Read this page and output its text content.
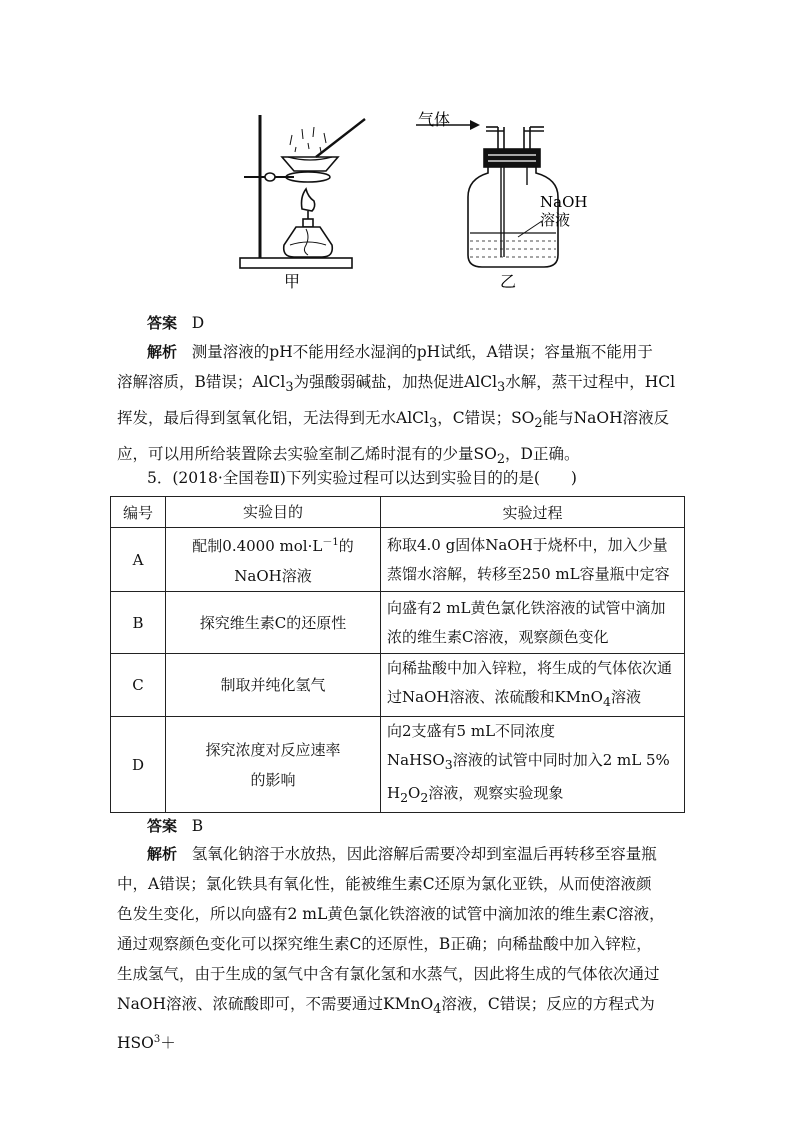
甲
气体
NaOH
溶液
乙
答案 D
解析 测量溶液的pH不能用经水湿润的pH试纸，A错误；容量瓶不能用于
溶解溶质，B错误；AlCl$_3$为强酸弱碱盐，加热促进AlCl$_3$水解，蒸干过程中，HCl
挥发，最后得到氢氧化铝，无法得到无水AlCl$_3$，C错误；$SO_2$能与NaOH溶液反
应，可以用所给装置除去实验室制乙烯时混有的少量$SO_2$，D正确。
5．(2018·全国卷Ⅱ)下列实验过程可以达到实验目的的是(　　)
编号	实验目的	实验过程
A	配制0.4000 $mol\cdot L^{-1}$的
NaOH溶液	称取4.0 g固体NaOH于烧杯中，加入少量
蒸馏水溶解，转移至250 mL容量瓶中定容
B	探究维生素C的还原性	向盛有2 mL黄色氯化铁溶液的试管中滴加
浓的维生素C溶液，观察颜色变化
C	制取并纯化氢气	向稀盐酸中加入锌粒，将生成的气体依次通
过NaOH溶液、浓硫酸和KMnO$_4$溶液
D	探究浓度对反应速率
的影响	向2支盛有5 mL不同浓度
NaHSO$_3$溶液的试管中同时加入2 mL 5%
$H_2O_2$溶液，观察实验现象
答案 B
解析 氢氧化钠溶于水放热，因此溶解后需要冷却到室温后再转移至容量瓶
中，A错误；氯化铁具有氧化性，能被维生素C还原为氯化亚铁，从而使溶液颜
色发生变化，所以向盛有2 mL黄色氯化铁溶液的试管中滴加浓的维生素C溶液，
通过观察颜色变化可以探究维生素C的还原性，B正确；向稀盐酸中加入锌粒，
生成氢气，由于生成的氢气中含有氯化氢和水蒸气，因此将生成的气体依次通过
NaOH溶液、浓硫酸即可，不需要通过KMnO$_4$溶液，C错误；反应的方程式为$HSO^3+$
